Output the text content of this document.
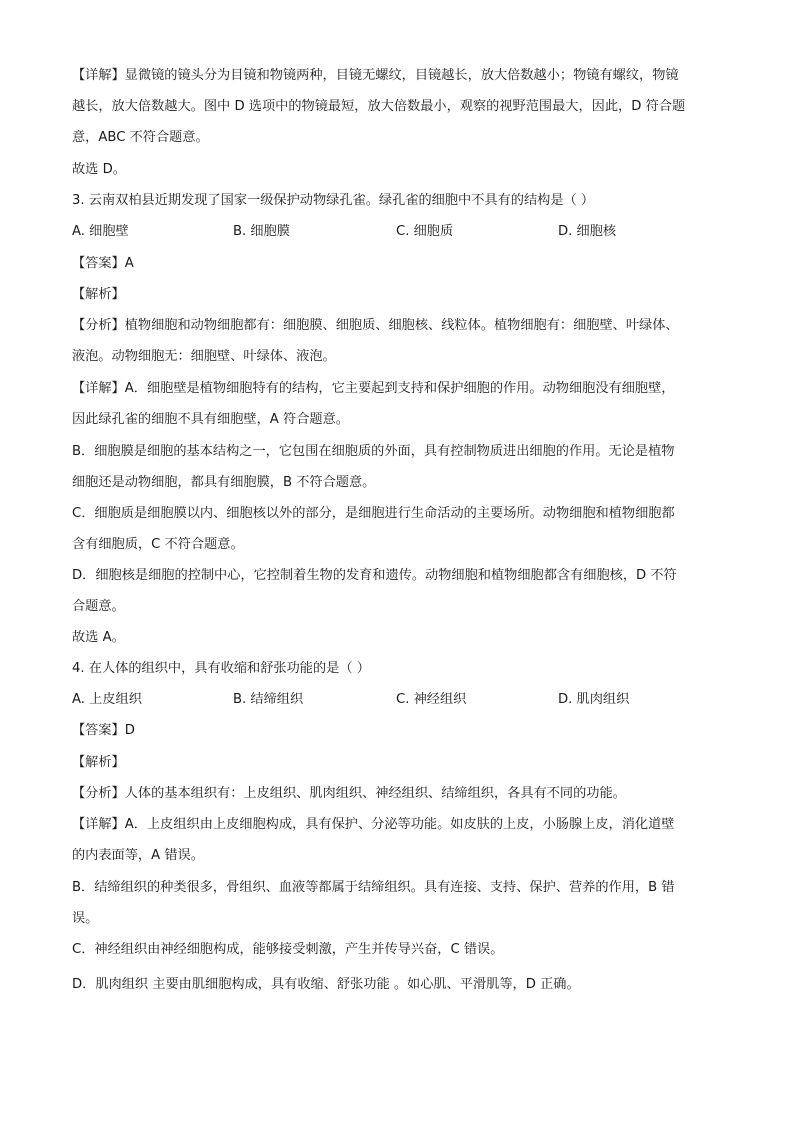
【详解】显微镜的镜头分为目镜和物镜两种，目镜无螺纹，目镜越长，放大倍数越小；物镜有螺纹，物镜
越长，放大倍数越大。图中 D 选项中的物镜最短，放大倍数最小，观察的视野范围最大，因此，D 符合题
意，ABC 不符合题意。
故选 D。
3. 云南双柏县近期发现了国家一级保护动物绿孔雀。绿孔雀的细胞中不具有的结构是（ ）
A. 细胞壁	B. 细胞膜	C. 细胞质	D. 细胞核
【答案】A
【解析】
【分析】植物细胞和动物细胞都有：细胞膜、细胞质、细胞核、线粒体。植物细胞有：细胞壁、叶绿体、
液泡。动物细胞无：细胞壁、叶绿体、液泡。
【详解】A．细胞壁是植物细胞特有的结构，它主要起到支持和保护细胞的作用。动物细胞没有细胞壁，
因此绿孔雀的细胞不具有细胞壁，A 符合题意。
B．细胞膜是细胞的基本结构之一，它包围在细胞质的外面，具有控制物质进出细胞的作用。无论是植物
细胞还是动物细胞，都具有细胞膜，B 不符合题意。
C．细胞质是细胞膜以内、细胞核以外的部分，是细胞进行生命活动的主要场所。动物细胞和植物细胞都
含有细胞质，C 不符合题意。
D．细胞核是细胞的控制中心，它控制着生物的发育和遗传。动物细胞和植物细胞都含有细胞核，D 不符
合题意。
故选 A。
4. 在人体的组织中，具有收缩和舒张功能的是（ ）
A. 上皮组织	B. 结缔组织	C. 神经组织	D. 肌肉组织
【答案】D
【解析】
【分析】人体的基本组织有：上皮组织、肌肉组织、神经组织、结缔组织，各具有不同的功能。
【详解】A．上皮组织由上皮细胞构成，具有保护、分泌等功能。如皮肤的上皮，小肠腺上皮，消化道壁
的内表面等，A 错误。
B．结缔组织的种类很多，骨组织、血液等都属于结缔组织。具有连接、支持、保护、营养的作用，B 错
误。
C．神经组织由神经细胞构成，能够接受刺激，产生并传导兴奋，C 错误。
D．肌肉组织 主要由肌细胞构成，具有收缩、舒张功能 。如心肌、平滑肌等，D 正确。
